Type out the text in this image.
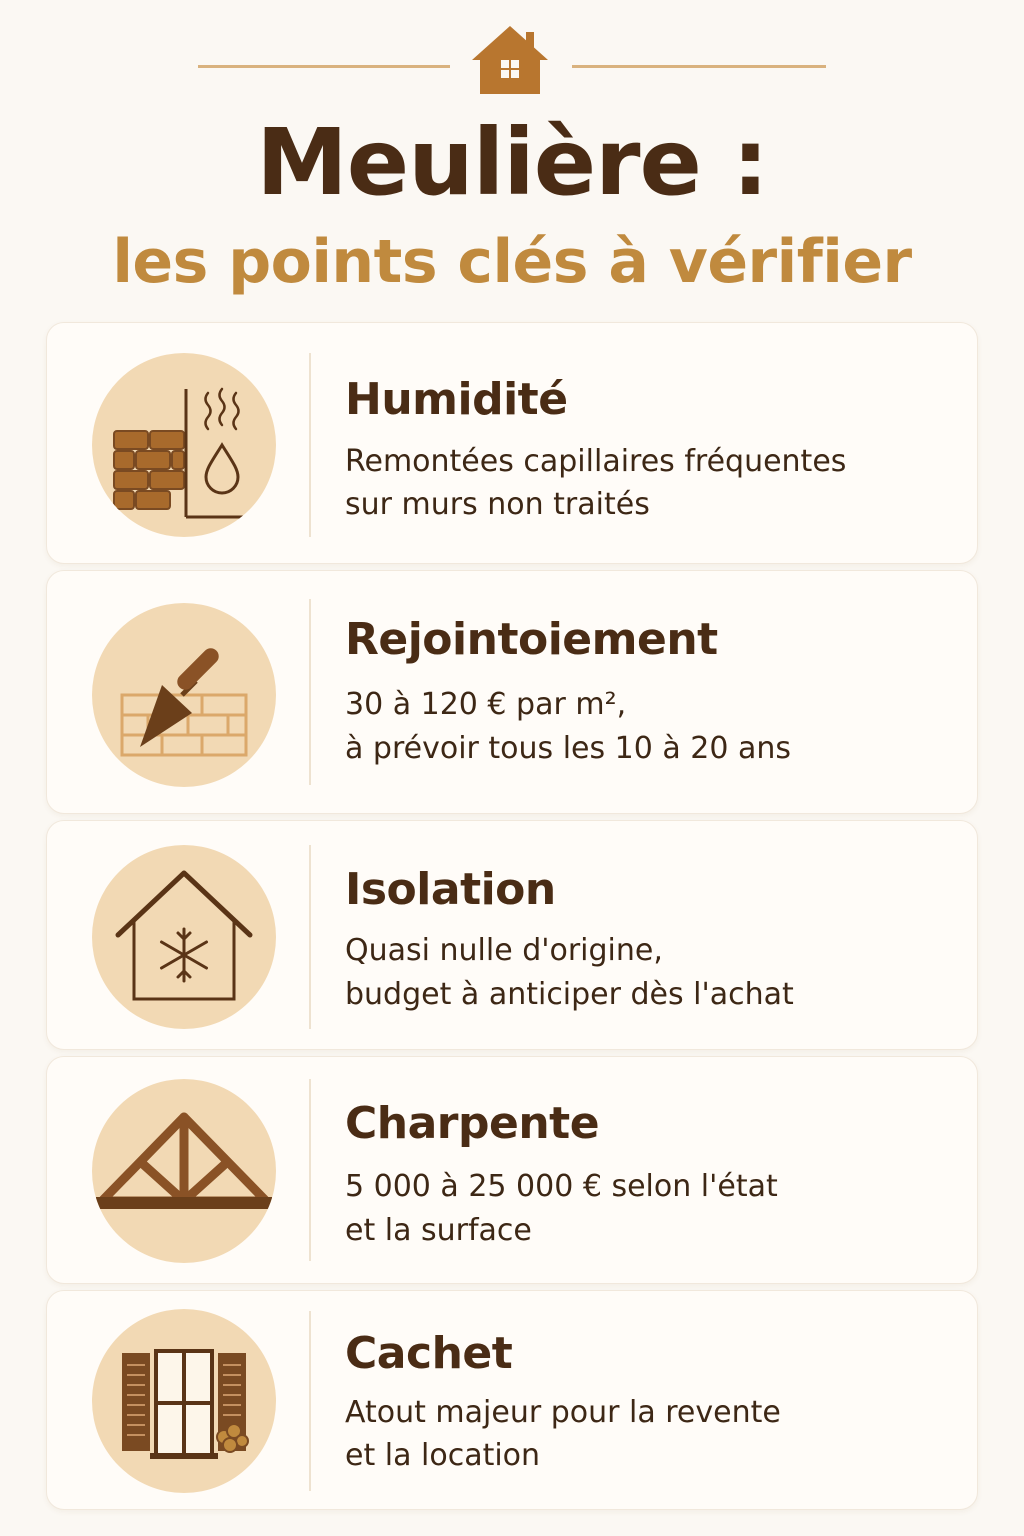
Meulière :
les points clés à vérifier
Humidité
Remontées capillaires fréquentes
sur murs non traités
Rejointoiement
30 à 120 € par m²,
à prévoir tous les 10 à 20 ans
Isolation
Quasi nulle d'origine,
budget à anticiper dès l'achat
Charpente
5 000 à 25 000 € selon l'état
et la surface
Cachet
Atout majeur pour la revente
et la location
